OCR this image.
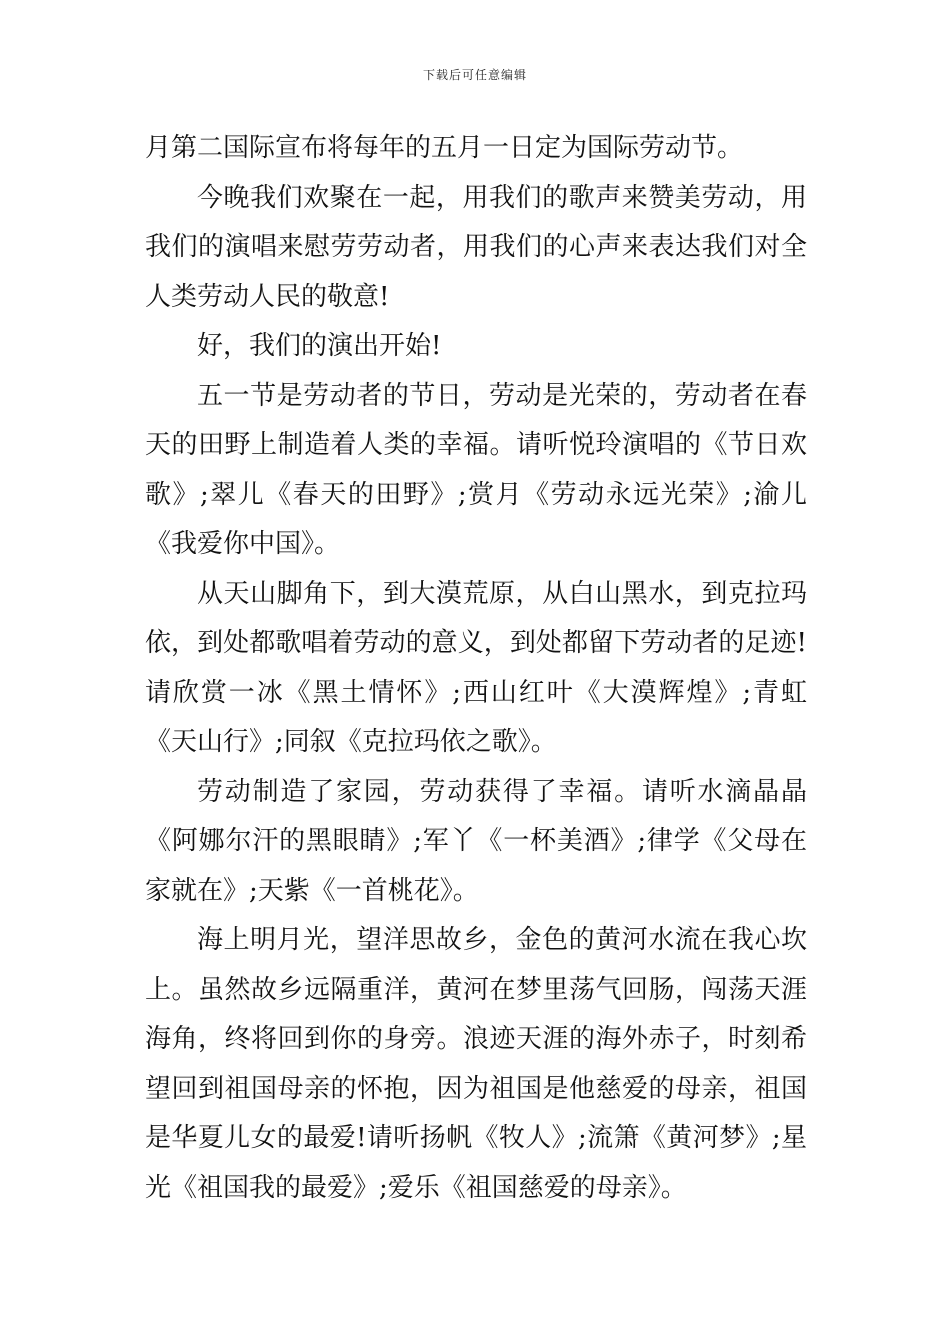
下载后可任意编辑

月第二国际宣布将每年的五月一日定为国际劳动节。

今晚我们欢聚在一起，用我们的歌声来赞美劳动，用我们的演唱来慰劳劳动者，用我们的心声来表达我们对全人类劳动人民的敬意!

好，我们的演出开始!

五一节是劳动者的节日，劳动是光荣的，劳动者在春天的田野上制造着人类的幸福。请听悦玲演唱的《节日欢歌》;翠儿《春天的田野》;赏月《劳动永远光荣》;渝儿《我爱你中国》。

从天山脚角下，到大漠荒原，从白山黑水，到克拉玛依，到处都歌唱着劳动的意义，到处都留下劳动者的足迹!请欣赏一冰《黑土情怀》;西山红叶《大漠辉煌》;青虹《天山行》;同叙《克拉玛依之歌》。

劳动制造了家园，劳动获得了幸福。请听水滴晶晶《阿娜尔汗的黑眼睛》;军丫《一杯美酒》;律学《父母在家就在》;天紫《一首桃花》。

海上明月光，望洋思故乡，金色的黄河水流在我心坎上。虽然故乡远隔重洋，黄河在梦里荡气回肠，闯荡天涯海角，终将回到你的身旁。浪迹天涯的海外赤子，时刻希望回到祖国母亲的怀抱，因为祖国是他慈爱的母亲，祖国是华夏儿女的最爱!请听扬帆《牧人》;流箫《黄河梦》;星光《祖国我的最爱》;爱乐《祖国慈爱的母亲》。
